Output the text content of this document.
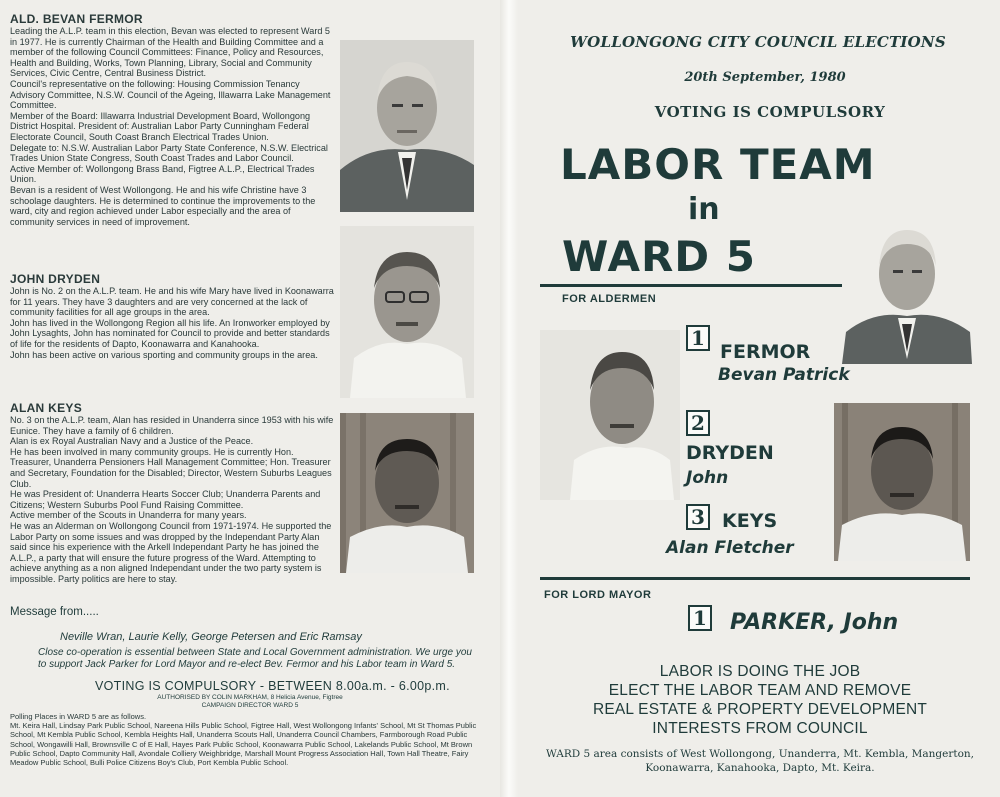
ALD. BEVAN FERMOR

Leading the A.L.P. team in this election, Bevan was elected to represent Ward 5 in 1977. He is currently Chairman of the Health and Building Committee and a member of the following Council Committees: Finance, Policy and Resources, Health and Building, Works, Town Planning, Library, Social and Community Services, Civic Centre, Central Business District.

Council's representative on the following: Housing Commission Tenancy Advisory Committee, N.S.W. Council of the Ageing, Illawarra Lake Management Committee.

Member of the Board: Illawarra Industrial Development Board, Wollongong District Hospital. President of: Australian Labor Party Cunningham Federal Electorate Council, South Coast Branch Electrical Trades Union.

Delegate to: N.S.W. Australian Labor Party State Conference, N.S.W. Electrical Trades Union State Congress, South Coast Trades and Labor Council.

Active Member of: Wollongong Brass Band, Figtree A.L.P., Electrical Trades Union.

Bevan is a resident of West Wollongong. He and his wife Christine have 3 schoolage daughters. He is determined to continue the improvements to the ward, city and region achieved under Labor especially and the area of community services in need of improvement.

JOHN DRYDEN

John is No. 2 on the A.L.P. team. He and his wife Mary have lived in Koonawarra for 11 years. They have 3 daughters and are very concerned at the lack of community facilities for all age groups in the area.

John has lived in the Wollongong Region all his life. An Ironworker employed by John Lysaghts, John has nominated for Council to provide and better standards of life for the residents of Dapto, Koonawarra and Kanahooka.

John has been active on various sporting and community groups in the area.

ALAN KEYS

No. 3 on the A.L.P. team, Alan has resided in Unanderra since 1953 with his wife Eunice. They have a family of 6 children.

Alan is ex Royal Australian Navy and a Justice of the Peace.

He has been involved in many community groups. He is currently Hon. Treasurer, Unanderra Pensioners Hall Management Committee; Hon. Treasurer and Secretary, Foundation for the Disabled; Director, Western Suburbs Leagues Club.

He was President of: Unanderra Hearts Soccer Club; Unanderra Parents and Citizens; Western Suburbs Pool Fund Raising Committee.

Active member of the Scouts in Unanderra for many years.

He was an Alderman on Wollongong Council from 1971-1974. He supported the Labor Party on some issues and was dropped by the Independant Party Alan said since his experience with the Arkell Independant Party he has joined the A.L.P., a party that will ensure the future progress of the Ward. Attempting to achieve anything as a non aligned Independant under the two party system is impossible. Party politics are here to stay.

Message from.....
Neville Wran, Laurie Kelly, George Petersen and Eric Ramsay
Close co-operation is essential between State and Local Government administration. We urge you to support Jack Parker for Lord Mayor and re-elect Bev. Fermor and his Labor team in Ward 5.
VOTING IS COMPULSORY - BETWEEN 8.00a.m. - 6.00p.m.
AUTHORISED BY COLIN MARKHAM, 8 Helicia Avenue, Figtree
CAMPAIGN DIRECTOR WARD 5

Polling Places in WARD 5 are as follows.

Mt. Keira Hall, Lindsay Park Public School, Nareena Hills Public School, Figtree Hall, West Wollongong Infants' School, Mt St Thomas Public School, Mt Kembla Public School, Kembla Heights Hall, Unanderra Scouts Hall, Unanderra Council Chambers, Farmborough Road Public School, Wongawilli Hall, Brownsville C of E Hall, Hayes Park Public School, Koonawarra Public School, Lakelands Public School, Mt Brown Public School, Dapto Community Hall, Avondale Colliery Weighbridge, Marshall Mount Progress Association Hall, Town Hall Theatre, Fairy Meadow Public School, Bulli Police Citizens Boy's Club, Port Kembla Public School.

WOLLONGONG CITY COUNCIL ELECTIONS
20th September, 1980
VOTING IS COMPULSORY
LABOR TEAM
in
WARD 5
FOR ALDERMEN
1
FERMOR
Bevan Patrick
2
DRYDEN
John
3 KEYS
Alan Fletcher
FOR LORD MAYOR
1 PARKER, John
LABOR IS DOING THE JOB
ELECT THE LABOR TEAM AND REMOVE
REAL ESTATE & PROPERTY DEVELOPMENT
INTERESTS FROM COUNCIL
WARD 5 area consists of West Wollongong, Unanderra, Mt. Kembla, Mangerton,
Koonawarra, Kanahooka, Dapto, Mt. Keira.
